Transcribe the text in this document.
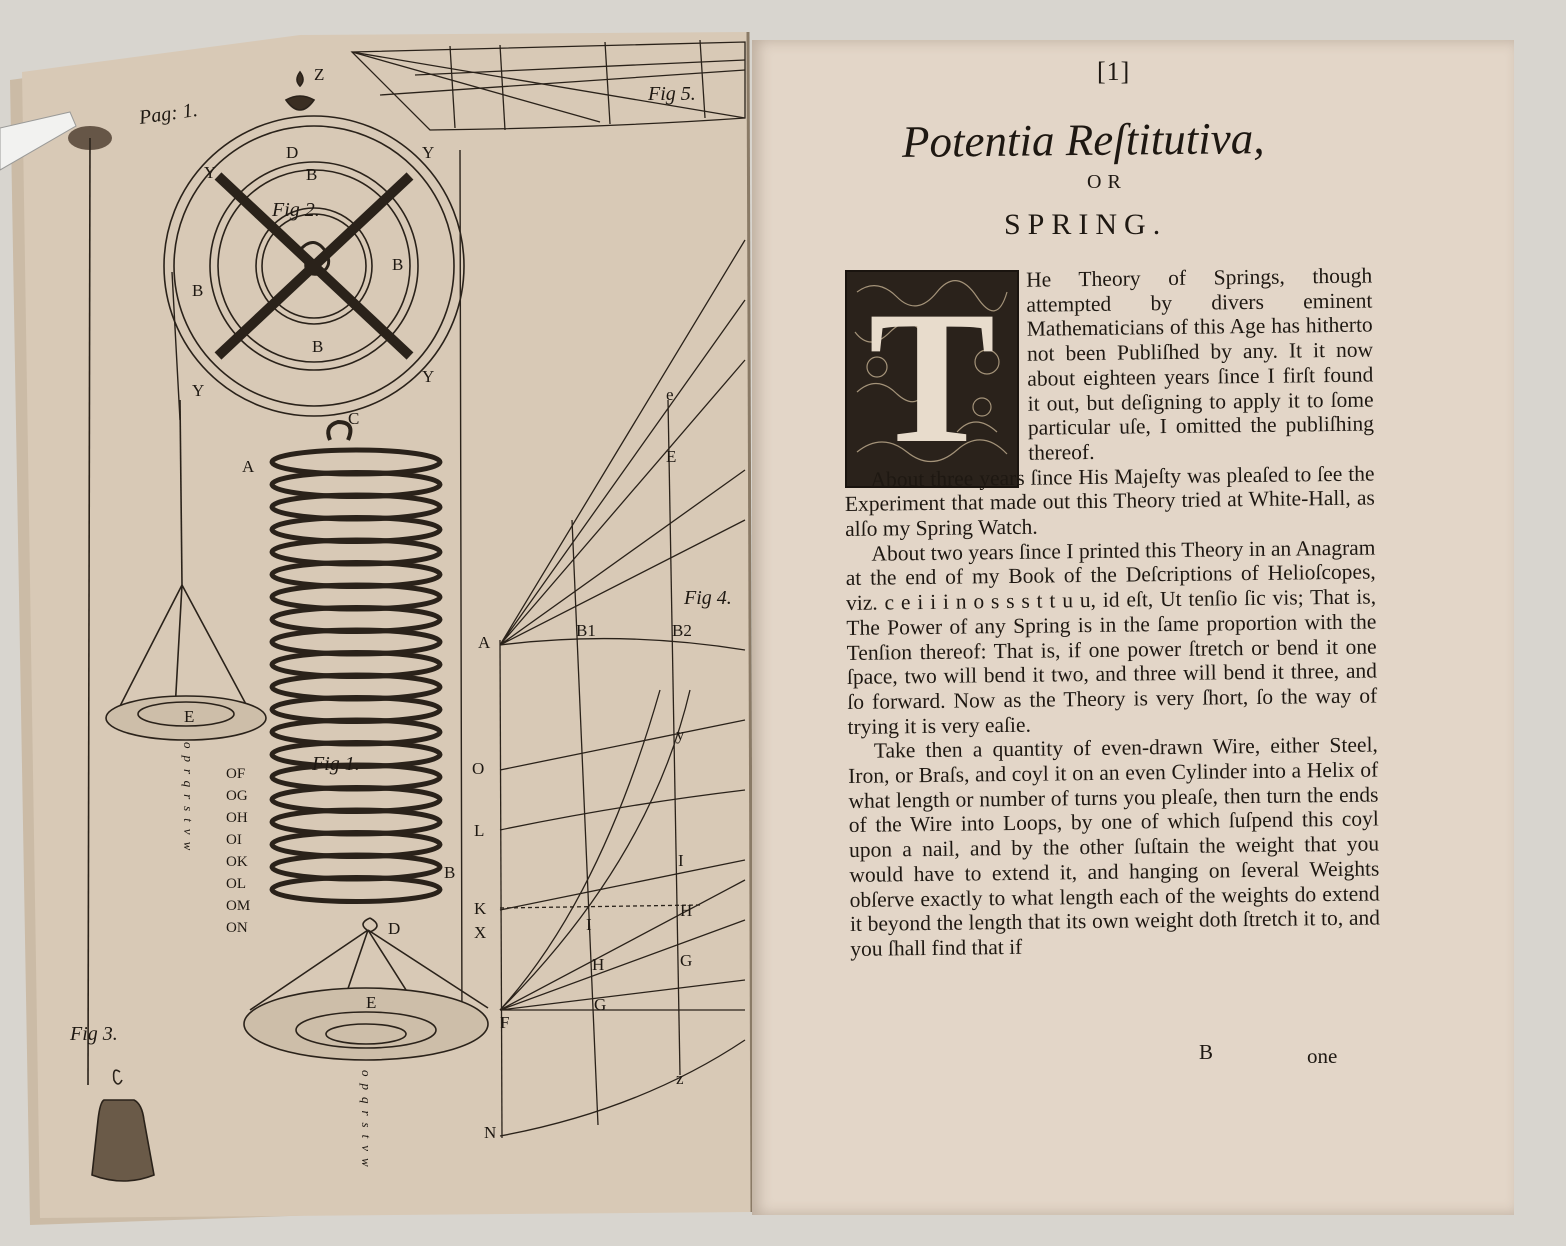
Pag: 1.
Fig 2.
Fig 1.
Fig 3.
Fig 4.
Fig 5.
Z
D
Y
Y
Y
Y
B
B
B
B
C
A
E
B
D
E
A
O
L
K
X
F
N
B1	B2
E
e
I
H
G
I
H
G
y
z
OF
OG
OH
OI
OK
OL
OM
ON
oprqrstvw
opqrstvw
[1]
Potentia Reſtitutiva,
OR
SPRING.
T	He Theory of Springs, though attempted by divers eminent Mathematicians of this Age has hitherto not been Publiſhed by any. It it now about eighteen years ſince I firſt found it out, but deſigning to apply it to ſome particular uſe, I omitted the publiſhing thereof.

About three years ſince His Majeſty was pleaſed to ſee the Experiment that made out this Theory tried at White-Hall, as alſo my Spring Watch.

About two years ſince I printed this Theory in an Anagram at the end of my Book of the Deſcriptions of Helioſcopes, viz. c e i i i n o s s s t t u u, id eſt, Ut tenſio ſic vis; That is, The Power of any Spring is in the ſame proportion with the Tenſion thereof: That is, if one power ſtretch or bend it one ſpace, two will bend it two, and three will bend it three, and ſo forward. Now as the Theory is very ſhort, ſo the way of trying it is very eaſie.

Take then a quantity of even-drawn Wire, either Steel, Iron, or Braſs, and coyl it on an even Cylinder into a Helix of what length or number of turns you pleaſe, then turn the ends of the Wire into Loops, by one of which ſuſpend this coyl upon a nail, and by the other ſuſtain the weight that you would have to extend it, and hanging on ſeveral Weights obſerve exactly to what length each of the weights do extend it beyond the length that its own weight doth ſtretch it to, and you ſhall find that if

B	one
